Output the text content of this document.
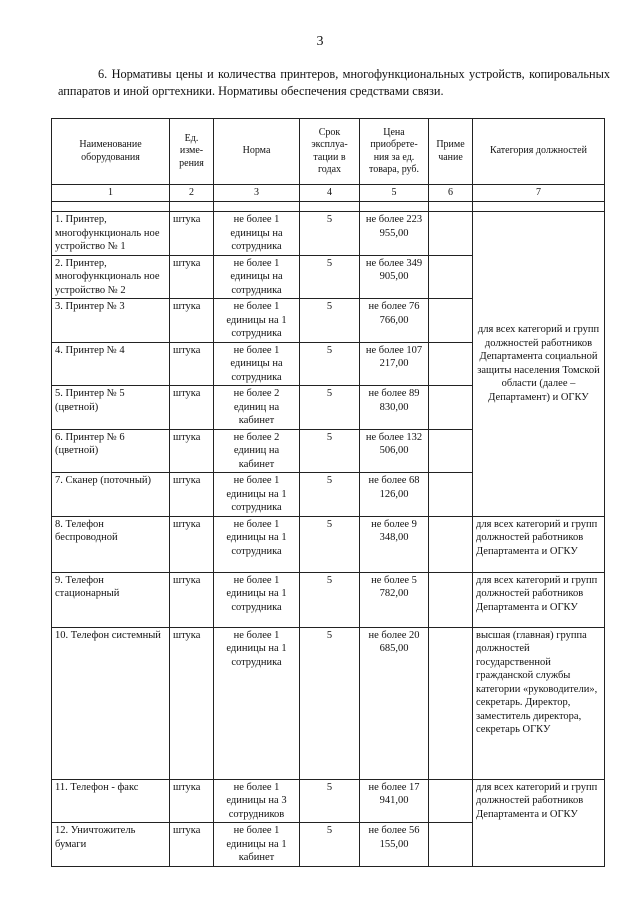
3
6. Нормативы цены и количества принтеров, многофункциональных устройств, копировальных аппаратов и иной оргтехники. Нормативы обеспечения средствами связи.
Наименование оборудования	Ед. изме-рения	Норма	Срок эксплуа-тации в годах	Цена приобрете-ния за ед. товара, руб.	Приме чание	Категория должностей
1	2	3	4	5	6	7

1. Принтер, многофункциональ ное устройство № 1	штука	не более 1 единицы на сотрудника	5	не более 223 955,00		для всех категорий и групп должностей работников Департамента социальной защиты населения Томской области (далее – Департамент) и ОГКУ
2. Принтер, многофункциональ ное устройство № 2	штука	не более 1 единицы на сотрудника	5	не более 349 905,00		
3. Принтер № 3	штука	не более 1 единицы на 1 сотрудника	5	не более 76 766,00		
4. Принтер № 4	штука	не более 1 единицы на сотрудника	5	не более 107 217,00		
5. Принтер № 5 (цветной)	штука	не более 2 единиц на кабинет	5	не более 89 830,00		
6. Принтер № 6 (цветной)	штука	не более 2 единиц на кабинет	5	не более 132 506,00		
7. Сканер (поточный)	штука	не более 1 единицы на 1 сотрудника	5	не более 68 126,00		
8. Телефон беспроводной	штука	не более 1 единицы на 1 сотрудника	5	не более 9 348,00		для всех категорий и групп должностей работников Департамента и ОГКУ
9. Телефон стационарный	штука	не более 1 единицы на 1 сотрудника	5	не более 5 782,00		для всех категорий и групп должностей работников Департамента и ОГКУ
10. Телефон системный	штука	не более 1 единицы на 1 сотрудника	5	не более 20 685,00		высшая (главная) группа должностей государственной гражданской службы категории «руководители», секретарь. Директор, заместитель директора, секретарь ОГКУ
11. Телефон - факс	штука	не более 1 единицы на 3 сотрудников	5	не более 17 941,00		для всех категорий и групп должностей работников Департамента и ОГКУ
12. Уничтожитель бумаги	штука	не более 1 единицы на 1 кабинет	5	не более 56 155,00		
